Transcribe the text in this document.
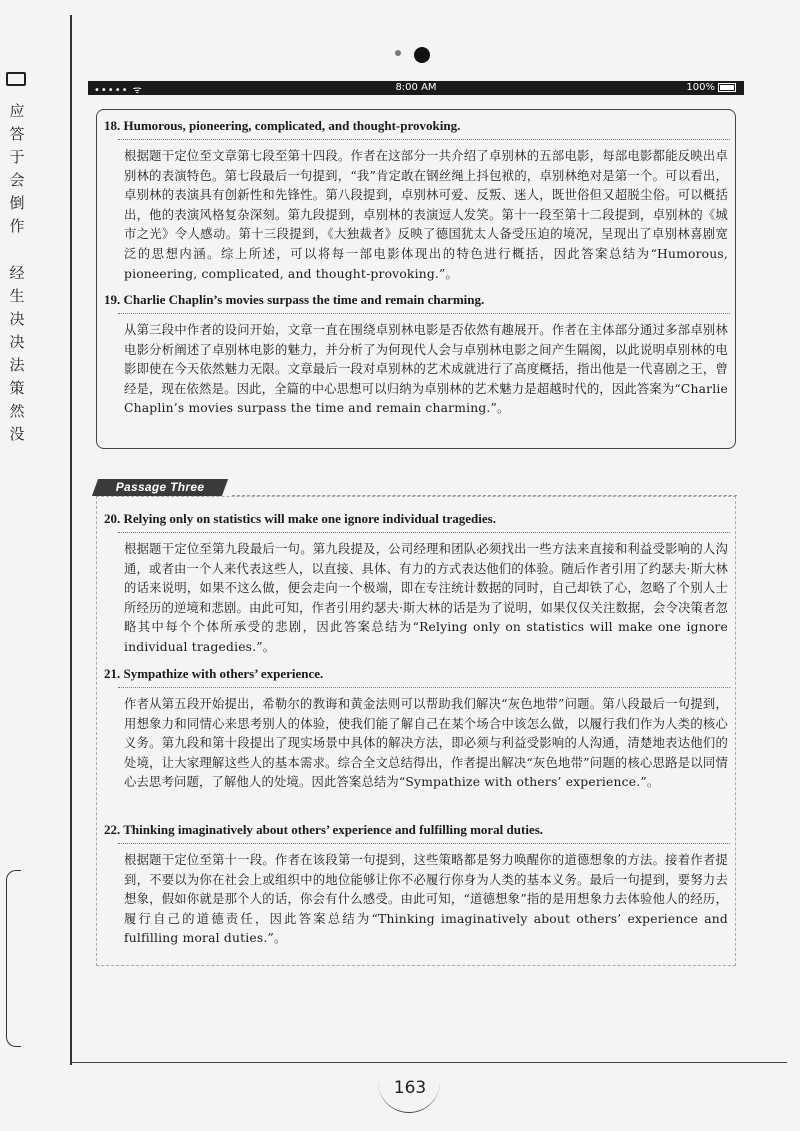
应
答
于
会
倒
作
经
生
决
决
法
策
然
没
••••• ᯤ	8:00 AM	100%
18. Humorous, pioneering, complicated, and thought-provoking.
根据题干定位至文章第七段至第十四段。作者在这部分一共介绍了卓别林的五部电影，每部电影都能反映出卓别林的表演特色。第七段最后一句提到，“我”肯定敢在钢丝绳上抖包袱的，卓别林绝对是第一个。可以看出，卓别林的表演具有创新性和先锋性。第八段提到，卓别林可爱、反叛、迷人，既世俗但又超脱尘俗。可以概括出，他的表演风格复杂深刻。第九段提到，卓别林的表演逗人发笑。第十一段至第十二段提到，卓别林的《城市之光》令人感动。第十三段提到，《大独裁者》反映了德国犹太人备受压迫的境况，呈现出了卓别林喜剧宽泛的思想内涵。综上所述，可以将每一部电影体现出的特色进行概括，因此答案总结为“Humorous, pioneering, complicated, and thought-provoking.”。
19. Charlie Chaplin’s movies surpass the time and remain charming.
从第三段中作者的设问开始，文章一直在围绕卓别林电影是否依然有趣展开。作者在主体部分通过多部卓别林电影分析阐述了卓别林电影的魅力，并分析了为何现代人会与卓别林电影之间产生隔阂，以此说明卓别林的电影即使在今天依然魅力无限。文章最后一段对卓别林的艺术成就进行了高度概括，指出他是一代喜剧之王，曾经是，现在依然是。因此，全篇的中心思想可以归纳为卓别林的艺术魅力是超越时代的，因此答案为“Charlie Chaplin’s movies surpass the time and remain charming.”。
Passage Three
20. Relying only on statistics will make one ignore individual tragedies.
根据题干定位至第九段最后一句。第九段提及，公司经理和团队必须找出一些方法来直接和利益受影响的人沟通，或者由一个人来代表这些人，以直接、具体、有力的方式表达他们的体验。随后作者引用了约瑟夫·斯大林的话来说明，如果不这么做，便会走向一个极端，即在专注统计数据的同时，自己却铁了心，忽略了个别人士所经历的逆境和悲剧。由此可知，作者引用约瑟夫·斯大林的话是为了说明，如果仅仅关注数据，会令决策者忽略其中每个个体所承受的悲剧，因此答案总结为“Relying only on statistics will make one ignore individual tragedies.”。
21. Sympathize with others’ experience.
作者从第五段开始提出，希勒尔的教诲和黄金法则可以帮助我们解决“灰色地带”问题。第八段最后一句提到，用想象力和同情心来思考别人的体验，使我们能了解自己在某个场合中该怎么做，以履行我们作为人类的核心义务。第九段和第十段提出了现实场景中具体的解决方法，即必须与利益受影响的人沟通，清楚地表达他们的处境，让大家理解这些人的基本需求。综合全文总结得出，作者提出解决“灰色地带”问题的核心思路是以同情心去思考问题，了解他人的处境。因此答案总结为“Sympathize with others’ experience.”。
22. Thinking imaginatively about others’ experience and fulfilling moral duties.
根据题干定位至第十一段。作者在该段第一句提到，这些策略都是努力唤醒你的道德想象的方法。接着作者提到，不要以为你在社会上或组织中的地位能够让你不必履行你身为人类的基本义务。最后一句提到，要努力去想象，假如你就是那个人的话，你会有什么感受。由此可知，“道德想象”指的是用想象力去体验他人的经历，履行自己的道德责任，因此答案总结为“Thinking imaginatively about others’ experience and fulfilling moral duties.”。
163
